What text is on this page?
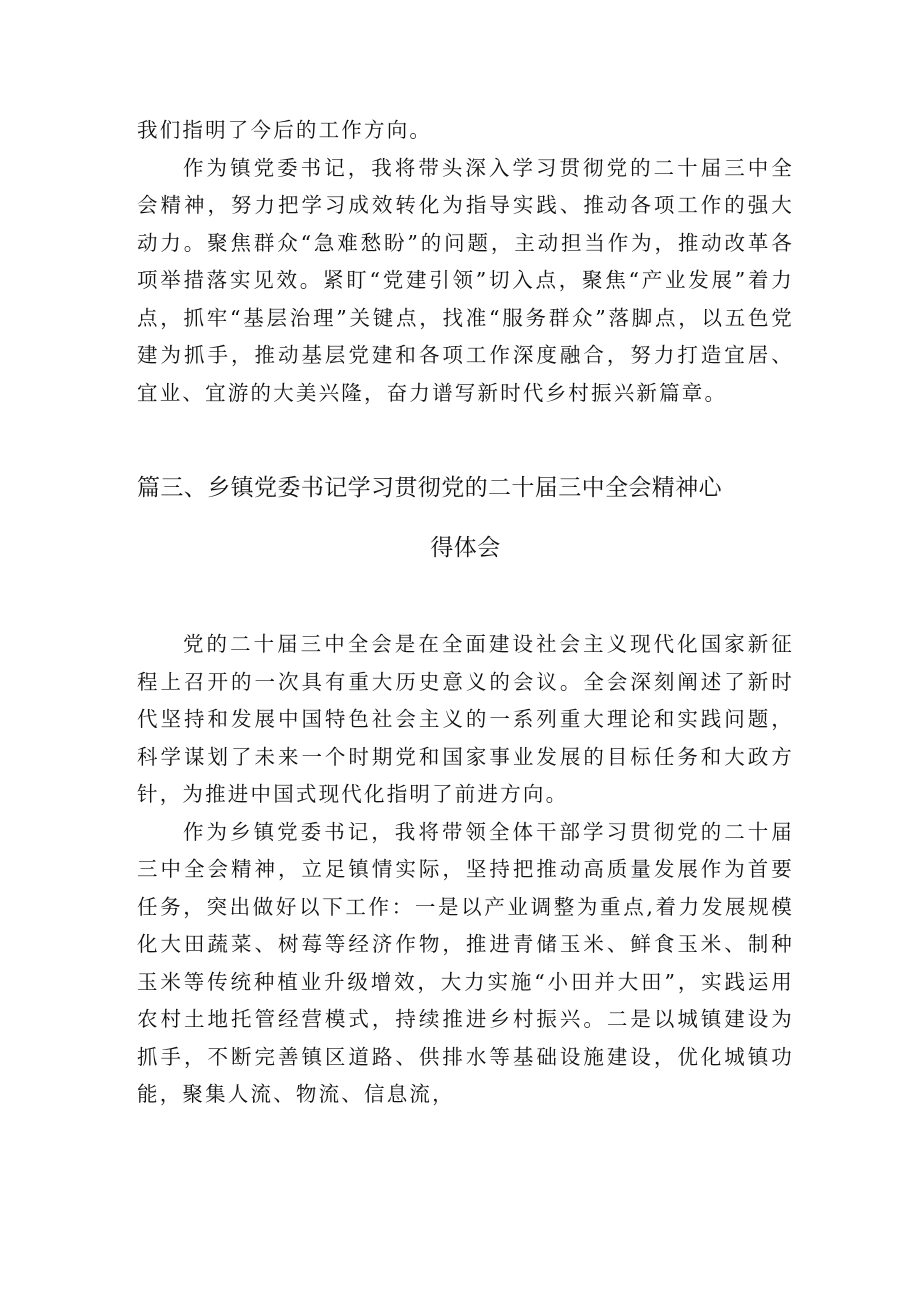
我们指明了今后的工作方向。

作为镇党委书记，我将带头深入学习贯彻党的二十届三中全会精神，努力把学习成效转化为指导实践、推动各项工作的强大动力。聚焦群众“急难愁盼”的问题，主动担当作为，推动改革各项举措落实见效。紧盯“党建引领”切入点，聚焦“产业发展”着力点，抓牢“基层治理”关键点，找准“服务群众”落脚点，以五色党建为抓手，推动基层党建和各项工作深度融合，努力打造宜居、宜业、宜游的大美兴隆，奋力谱写新时代乡村振兴新篇章。

篇三、乡镇党委书记学习贯彻党的二十届三中全会精神心

得体会

党的二十届三中全会是在全面建设社会主义现代化国家新征程上召开的一次具有重大历史意义的会议。全会深刻阐述了新时代坚持和发展中国特色社会主义的一系列重大理论和实践问题，科学谋划了未来一个时期党和国家事业发展的目标任务和大政方针，为推进中国式现代化指明了前进方向。

作为乡镇党委书记，我将带领全体干部学习贯彻党的二十届三中全会精神，立足镇情实际，坚持把推动高质量发展作为首要任务，突出做好以下工作：一是以产业调整为重点,着力发展规模化大田蔬菜、树莓等经济作物，推进青储玉米、鲜食玉米、制种玉米等传统种植业升级增效，大力实施“小田并大田”，实践运用农村土地托管经营模式，持续推进乡村振兴。二是以城镇建设为抓手，不断完善镇区道路、供排水等基础设施建设，优化城镇功能，聚集人流、物流、信息流，
